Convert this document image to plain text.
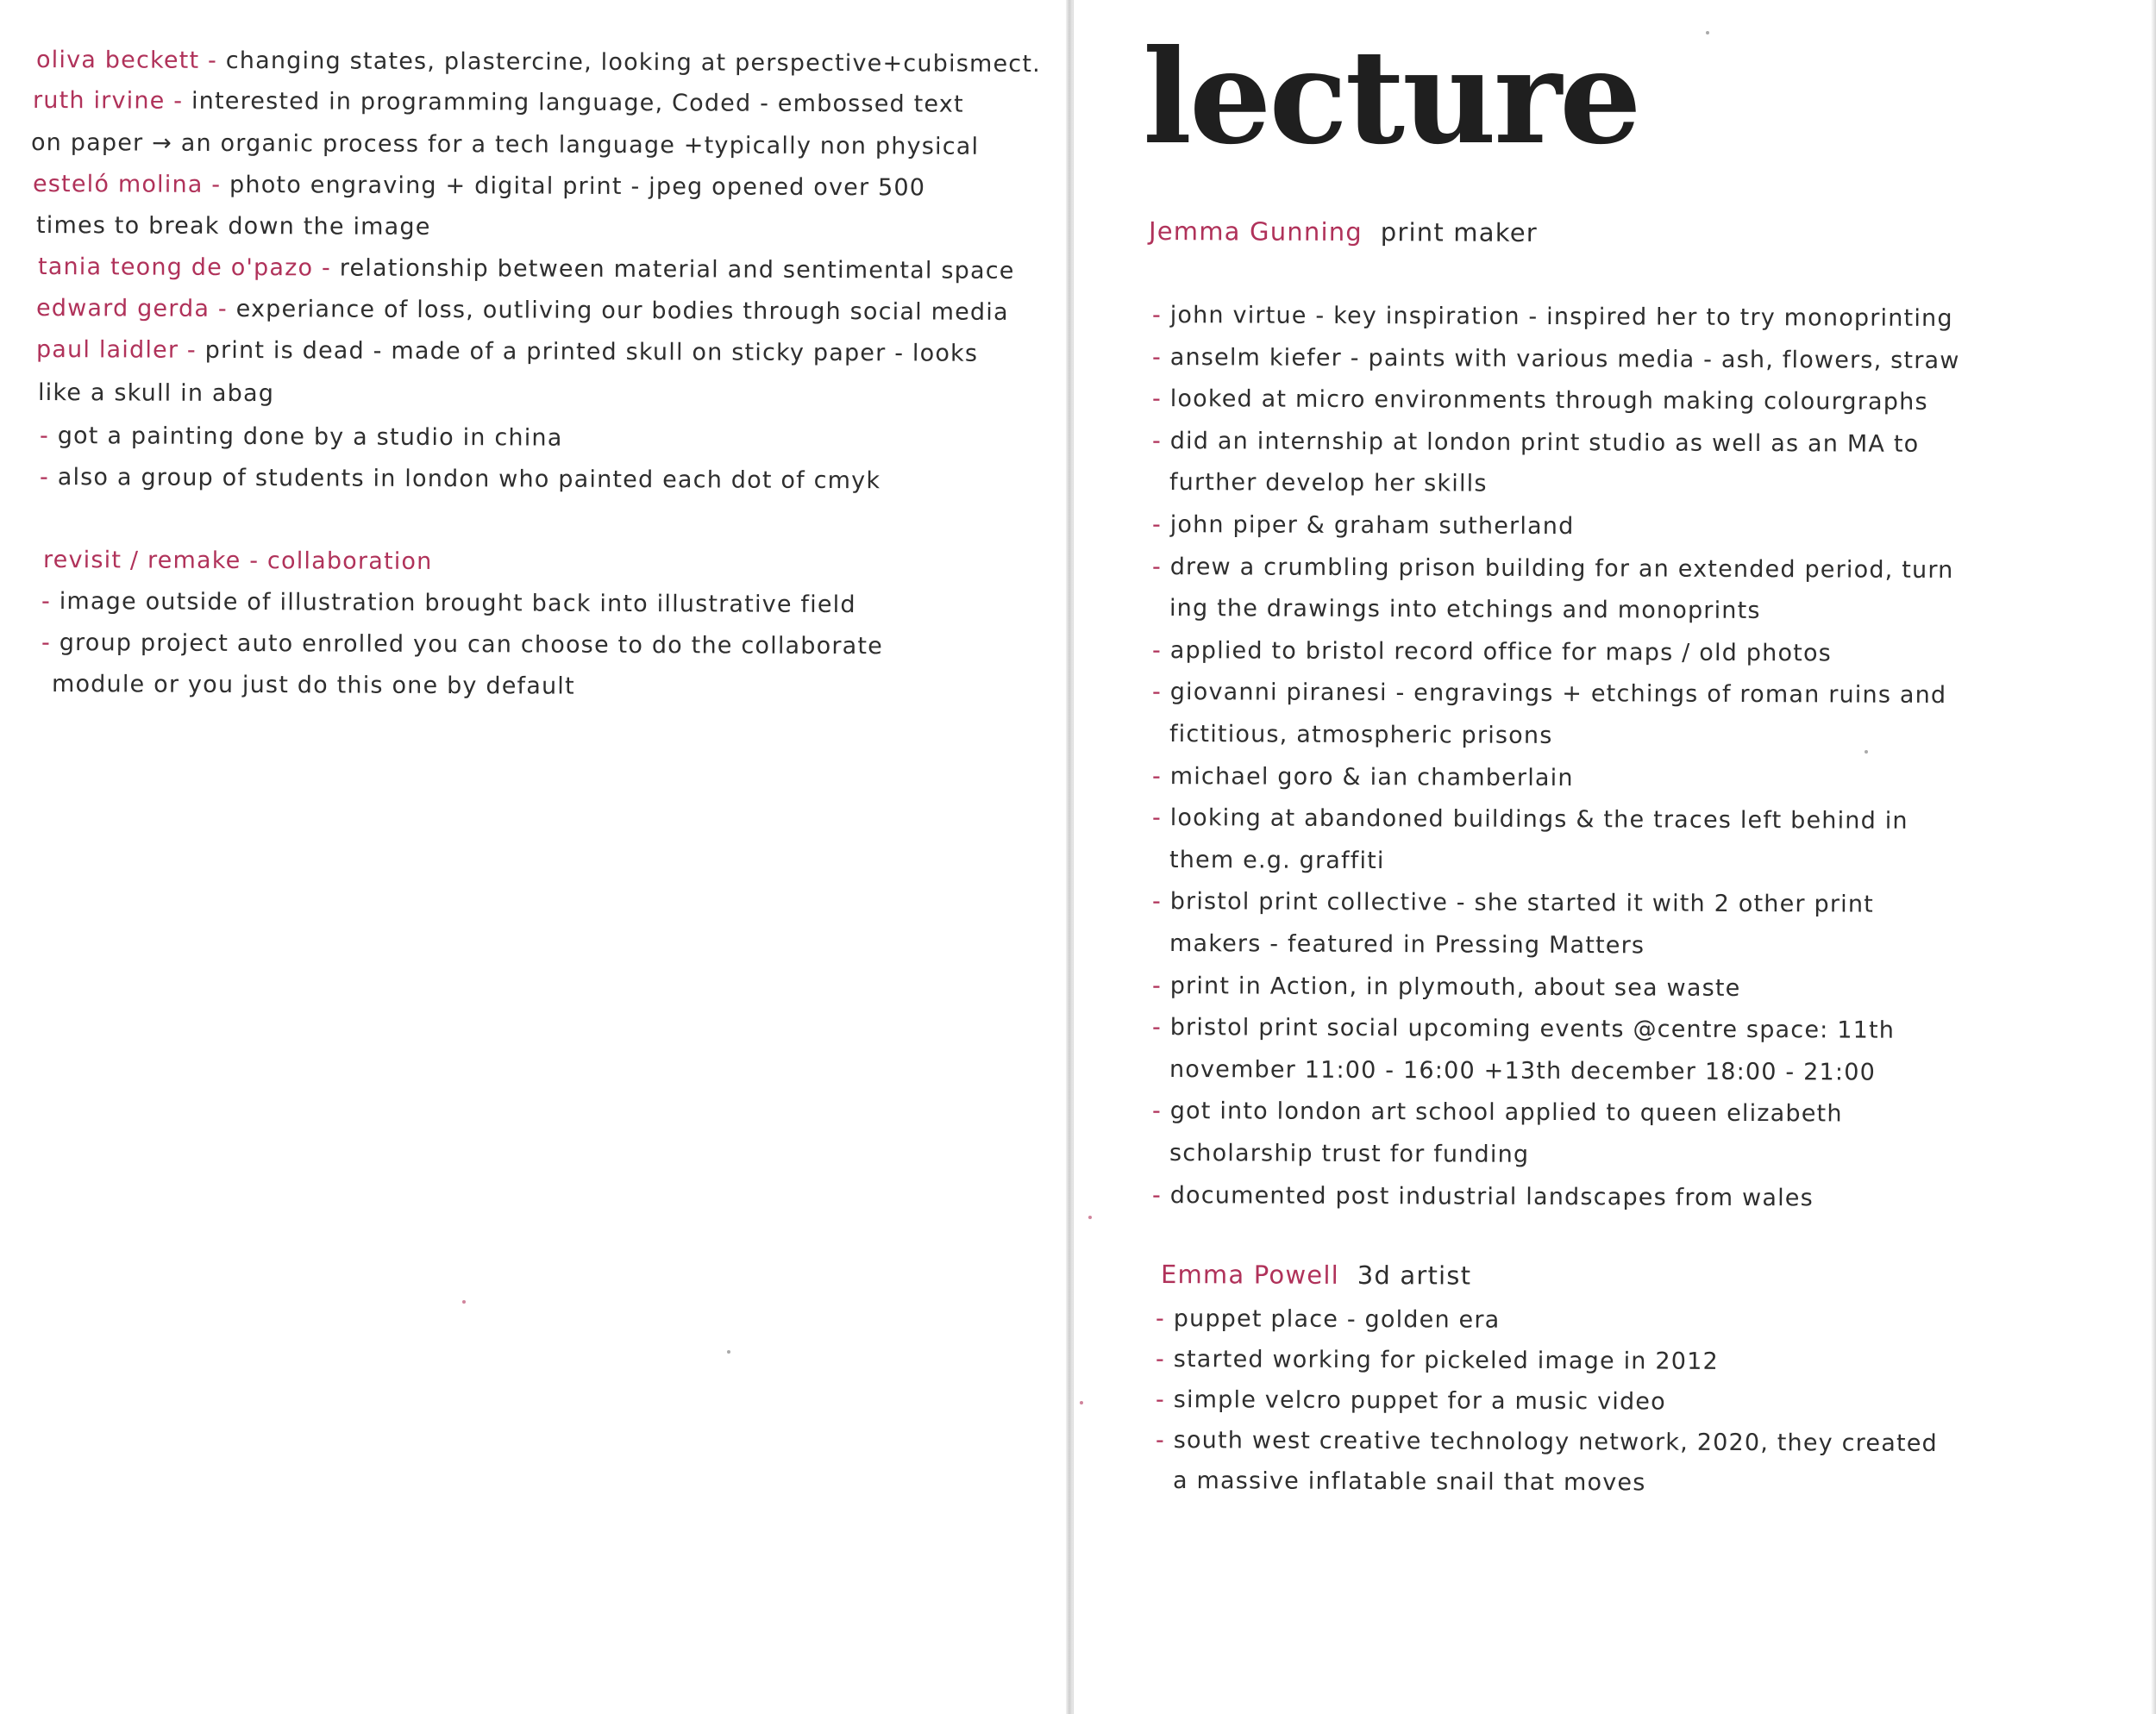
oliva beckett - changing states, plastercine, looking at perspective+cubismect.
ruth irvine - interested in programming language, Coded - embossed text
on paper → an organic process for a tech language +typically non physical
esteló molina - photo engraving + digital print - jpeg opened over 500
times to break down the image
tania teong de o'pazo - relationship between material and sentimental space
edward gerda - experiance of loss, outliving our bodies through social media
paul laidler - print is dead - made of a printed skull on sticky paper - looks
like a skull in abag
- got a painting done by a studio in china
- also a group of students in london who painted each dot of cmyk
revisit / remake - collaboration
- image outside of illustration brought back into illustrative field
- group project auto enrolled you can choose to do the collaborate
module or you just do this one by default
lecture
Jemma Gunning print maker
- john virtue - key inspiration - inspired her to try monoprinting
- anselm kiefer - paints with various media - ash, flowers, straw
- looked at micro environments through making colourgraphs
- did an internship at london print studio as well as an MA to
further develop her skills
- john piper & graham sutherland
- drew a crumbling prison building for an extended period, turn
ing the drawings into etchings and monoprints
- applied to bristol record office for maps / old photos
- giovanni piranesi - engravings + etchings of roman ruins and
fictitious, atmospheric prisons
- michael goro & ian chamberlain
- looking at abandoned buildings & the traces left behind in
them e.g. graffiti
- bristol print collective - she started it with 2 other print
makers - featured in Pressing Matters
- print in Action, in plymouth, about sea waste
- bristol print social upcoming events @centre space: 11th
november 11:00 - 16:00 +13th december 18:00 - 21:00
- got into london art school applied to queen elizabeth
scholarship trust for funding
- documented post industrial landscapes from wales
Emma Powell 3d artist
- puppet place - golden era
- started working for pickeled image in 2012
- simple velcro puppet for a music video
- south west creative technology network, 2020, they created
a massive inflatable snail that moves
